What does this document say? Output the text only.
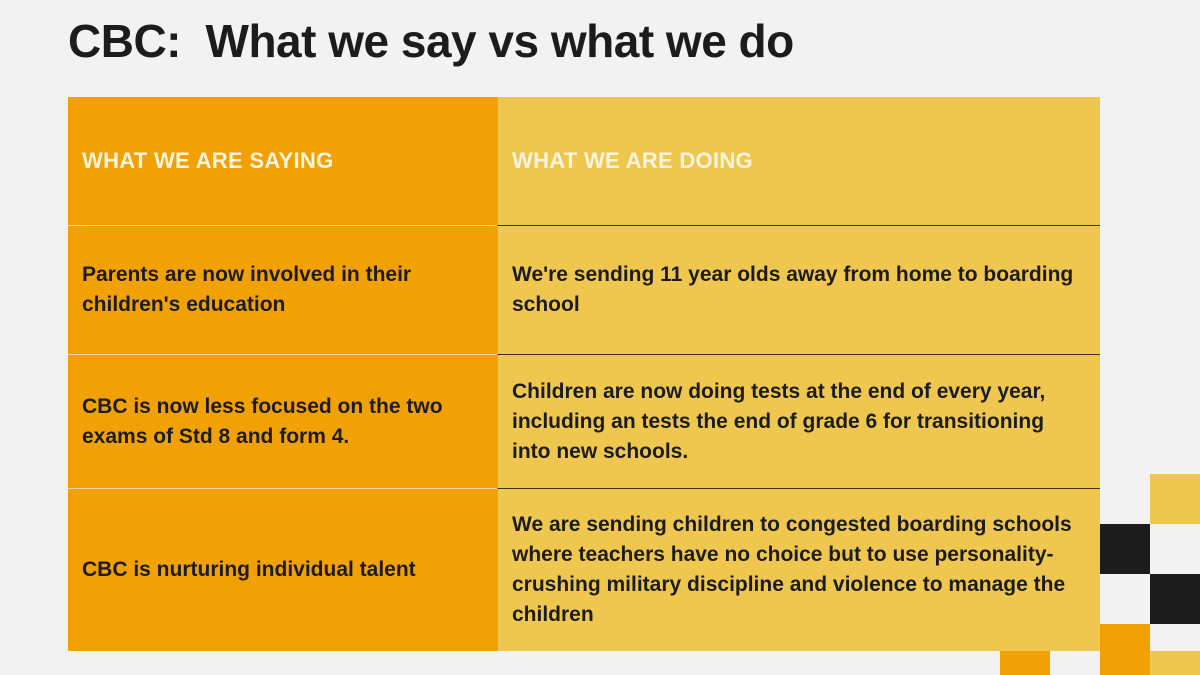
CBC:  What we say vs what we do
WHAT WE ARE SAYING	WHAT WE ARE DOING
Parents are now involved in their children's education
We're sending 11 year olds away from home to boarding school
CBC is now less focused on the two exams of Std 8 and form 4.
Children are now doing tests at the end of every year, including an tests the end of grade 6 for transitioning into new schools.
CBC is nurturing individual talent
We are sending children to congested boarding schools where teachers have no choice but to use personality-crushing military discipline and violence to manage the children
